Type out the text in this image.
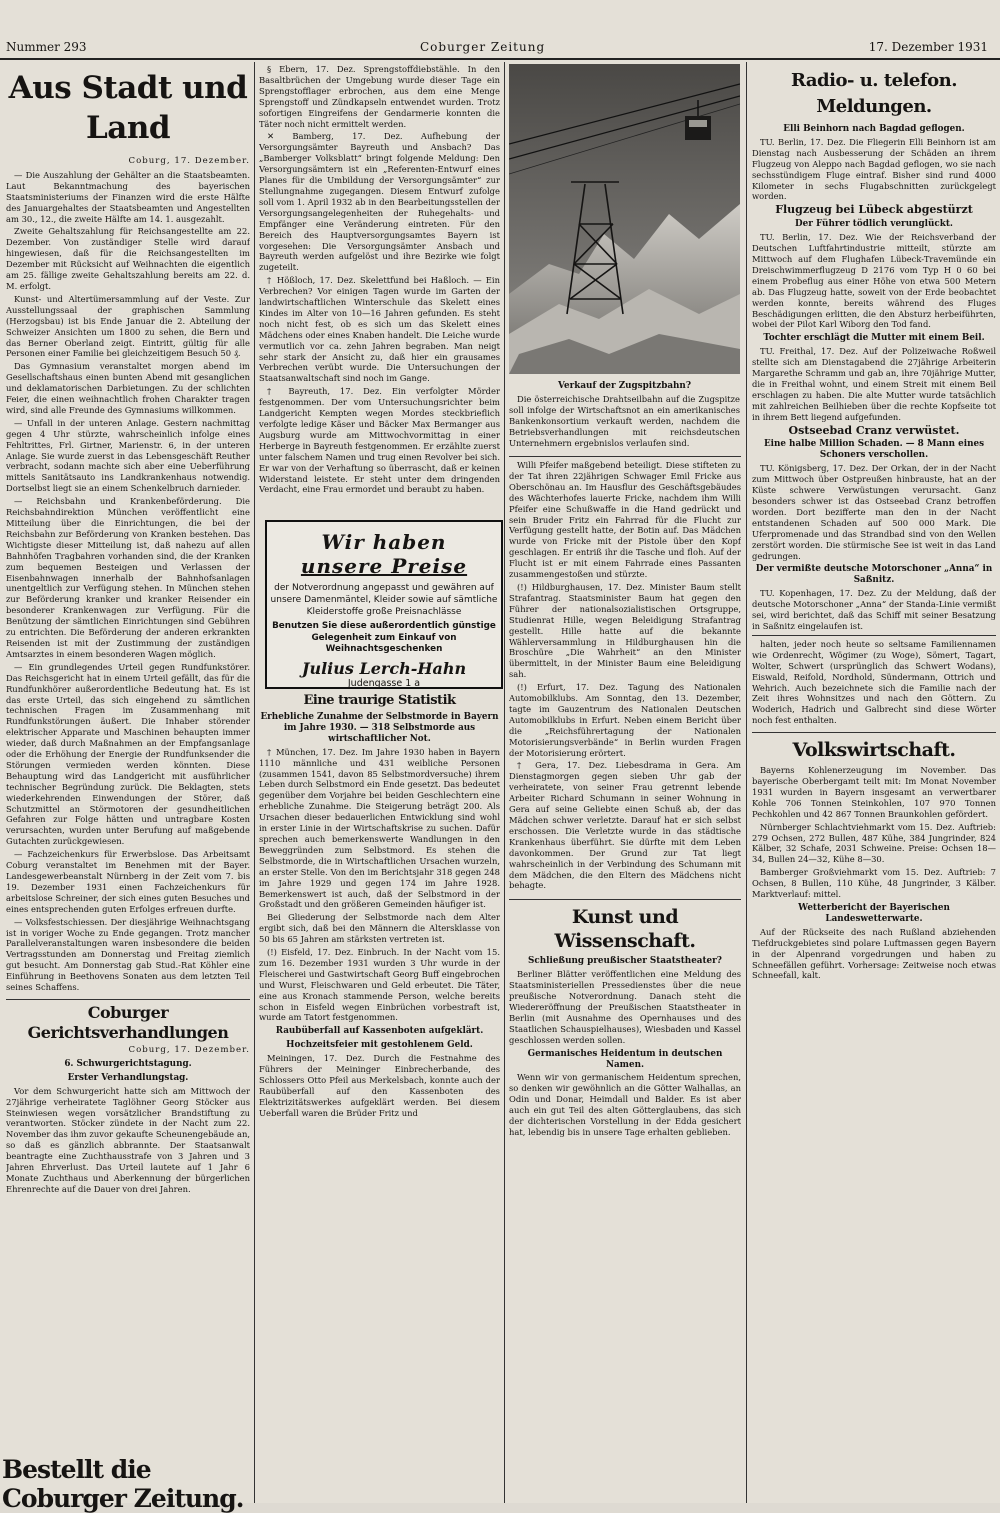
Nummer 293	Coburger Zeitung	17. Dezember 1931
Aus Stadt und Land
Coburg, 17. Dezember.

— Die Auszahlung der Gehälter an die Staatsbeamten. Laut Bekanntmachung des bayerischen Staatsministeriums der Finanzen wird die erste Hälfte des Januargehaltes der Staatsbeamten und Angestellten am 30., 12., die zweite Hälfte am 14. 1. ausgezahlt.

Zweite Gehaltszahlung für Reichsangestellte am 22. Dezember. Von zuständiger Stelle wird darauf hingewiesen, daß für die Reichsangestellten im Dezember mit Rücksicht auf Weihnachten die eigentlich am 25. fällige zweite Gehaltszahlung bereits am 22. d. M. erfolgt.

Kunst- und Altertümersammlung auf der Veste. Zur Ausstellungssaal der graphischen Sammlung (Herzogsbau) ist bis Ende Januar die 2. Abteilung der Schweizer Ansichten um 1800 zu sehen, die Bern und das Berner Oberland zeigt. Eintritt, gültig für alle Personen einer Familie bei gleichzeitigem Besuch 50 ₰.

Das Gymnasium veranstaltet morgen abend im Gesellschaftshaus einen bunten Abend mit gesanglichen und deklamatorischen Darbietungen. Zu der schlichten Feier, die einen weihnachtlich frohen Charakter tragen wird, sind alle Freunde des Gymnasiums willkommen.

— Unfall in der unteren Anlage. Gestern nachmittag gegen 4 Uhr stürzte, wahrscheinlich infolge eines Fehltrittes, Frl. Girtner, Marienstr. 6, in der unteren Anlage. Sie wurde zuerst in das Lebensgeschäft Reuther verbracht, sodann machte sich aber eine Ueberführung mittels Sanitätsauto ins Landkrankenhaus notwendig. Dortselbst liegt sie an einem Schenkelbruch darnieder.

— Reichsbahn und Krankenbeförderung. Die Reichsbahndirektion München veröffentlicht eine Mitteilung über die Einrichtungen, die bei der Reichsbahn zur Beförderung von Kranken bestehen. Das Wichtigste dieser Mitteilung ist, daß nahezu auf allen Bahnhöfen Tragbahren vorhanden sind, die der Kranken zum bequemen Besteigen und Verlassen der Eisenbahnwagen innerhalb der Bahnhofsanlagen unentgeltlich zur Verfügung stehen. In München stehen zur Beförderung kranker und kranker Reisender ein besonderer Krankenwagen zur Verfügung. Für die Benützung der sämtlichen Einrichtungen sind Gebühren zu entrichten. Die Beförderung der anderen erkrankten Reisenden ist mit der Zustimmung der zuständigen Amtsarztes in einem besonderen Wagen möglich.

— Ein grundlegendes Urteil gegen Rundfunkstörer. Das Reichsgericht hat in einem Urteil gefällt, das für die Rundfunkhörer außerordentliche Bedeutung hat. Es ist das erste Urteil, das sich eingehend zu sämtlichen technischen Fragen im Zusammenhang mit Rundfunkstörungen äußert. Die Inhaber störender elektrischer Apparate und Maschinen behaupten immer wieder, daß durch Maßnahmen an der Empfangsanlage oder die Erhöhung der Energie der Rundfunksender die Störungen vermieden werden könnten. Diese Behauptung wird das Landgericht mit ausführlicher technischer Begründung zurück. Die Beklagten, stets wiederkehrenden Einwendungen der Störer, daß Schutzmittel an Störmotoren der gesundheitlichen Gefahren zur Folge hätten und untragbare Kosten verursachten, wurden unter Berufung auf maßgebende Gutachten zurückgewiesen.

— Fachzeichenkurs für Erwerbslose. Das Arbeitsamt Coburg veranstaltet im Benehmen mit der Bayer. Landesgewerbeanstalt Nürnberg in der Zeit vom 7. bis 19. Dezember 1931 einen Fachzeichenkurs für arbeitslose Schreiner, der sich eines guten Besuches und eines entsprechenden guten Erfolges erfreuen durfte.

— Volksfestschiessen. Der diesjährige Weihnachtsgang ist in voriger Woche zu Ende gegangen. Trotz mancher Parallelveranstaltungen waren insbesondere die beiden Vertragsstunden am Donnerstag und Freitag ziemlich gut besucht. Am Donnerstag gab Stud.-Rat Köhler eine Einführung in Beethovens Sonaten aus dem letzten Teil seines Schaffens.

Coburger Gerichtsverhandlungen
Coburg, 17. Dezember.
6. Schwurgerichtstagung.
Erster Verhandlungstag.

Vor dem Schwurgericht hatte sich am Mittwoch der 27jährige verheiratete Taglöhner Georg Stöcker aus Steinwiesen wegen vorsätzlicher Brandstiftung zu verantworten. Stöcker zündete in der Nacht zum 22. November das ihm zuvor gekaufte Scheunengebäude an, so daß es gänzlich abbrannte. Der Staatsanwalt beantragte eine Zuchthausstrafe von 3 Jahren und 3 Jahren Ehrverlust. Das Urteil lautete auf 1 Jahr 6 Monate Zuchthaus und Aberkennung der bürgerlichen Ehrenrechte auf die Dauer von drei Jahren.

Bestellt die Coburger Zeitung.

§ Ebern, 17. Dez. Sprengstoffdiebstähle. In den Basaltbrüchen der Umgebung wurde dieser Tage ein Sprengstofflager erbrochen, aus dem eine Menge Sprengstoff und Zündkapseln entwendet wurden. Trotz sofortigen Eingreifens der Gendarmerie konnten die Täter noch nicht ermittelt werden.

✕ Bamberg, 17. Dez. Aufhebung der Versorgungsämter Bayreuth und Ansbach? Das „Bamberger Volksblatt“ bringt folgende Meldung: Den Versorgungsämtern ist ein „Referenten-Entwurf eines Planes für die Umbildung der Versorgungsämter“ zur Stellungnahme zugegangen. Diesem Entwurf zufolge soll vom 1. April 1932 ab in den Bearbeitungsstellen der Versorgungsangelegenheiten der Ruhegehalts- und Empfänger eine Veränderung eintreten. Für den Bereich des Hauptversorgungsamtes Bayern ist vorgesehen: Die Versorgungsämter Ansbach und Bayreuth werden aufgelöst und ihre Bezirke wie folgt zugeteilt.

† Hößloch, 17. Dez. Skelettfund bei Haßloch. — Ein Verbrechen? Vor einigen Tagen wurde im Garten der landwirtschaftlichen Winterschule das Skelett eines Kindes im Alter von 10—16 Jahren gefunden. Es steht noch nicht fest, ob es sich um das Skelett eines Mädchens oder eines Knaben handelt. Die Leiche wurde vermutlich vor ca. zehn Jahren begraben. Man neigt sehr stark der Ansicht zu, daß hier ein grausames Verbrechen verübt wurde. Die Untersuchungen der Staatsanwaltschaft sind noch im Gange.

† Bayreuth, 17. Dez. Ein verfolgter Mörder festgenommen. Der vom Untersuchungsrichter beim Landgericht Kempten wegen Mordes steckbrieflich verfolgte ledige Käser und Bäcker Max Bermanger aus Augsburg wurde am Mittwochvormittag in einer Herberge in Bayreuth festgenommen. Er erzählte zuerst unter falschem Namen und trug einen Revolver bei sich. Er war von der Verhaftung so überrascht, daß er keinen Widerstand leistete. Er steht unter dem dringenden Verdacht, eine Frau ermordet und beraubt zu haben.

Wir haben
unsere Preise
der Notverordnung angepasst und gewähren auf unsere Damenmäntel, Kleider sowie auf sämtliche Kleiderstoffe große Preisnachlässe
Benutzen Sie diese außerordentlich günstige Gelegenheit zum Einkauf von Weihnachtsgeschenken
Julius Lerch-Hahn
Judengasse 1 a
Eine traurige Statistik
Erhebliche Zunahme der Selbstmorde in Bayern im Jahre 1930. — 318 Selbstmorde aus wirtschaftlicher Not.

† München, 17. Dez. Im Jahre 1930 haben in Bayern 1110 männliche und 431 weibliche Personen (zusammen 1541, davon 85 Selbstmordversuche) ihrem Leben durch Selbstmord ein Ende gesetzt. Das bedeutet gegenüber dem Vorjahre bei beiden Geschlechtern eine erhebliche Zunahme. Die Steigerung beträgt 200. Als Ursachen dieser bedauerlichen Entwicklung sind wohl in erster Linie in der Wirtschaftskrise zu suchen. Dafür sprechen auch bemerkenswerte Wandlungen in den Beweggründen zum Selbstmord. Es stehen die Selbstmorde, die in Wirtschaftlichen Ursachen wurzeln, an erster Stelle. Von den im Berichtsjahr 318 gegen 248 im Jahre 1929 und gegen 174 im Jahre 1928. Bemerkenswert ist auch, daß der Selbstmord in der Großstadt und den größeren Gemeinden häufiger ist.

Bei Gliederung der Selbstmorde nach dem Alter ergibt sich, daß bei den Männern die Altersklasse von 50 bis 65 Jahren am stärksten vertreten ist.

(!) Eisfeld, 17. Dez. Einbruch. In der Nacht vom 15. zum 16. Dezember 1931 wurden 3 Uhr wurde in der Fleischerei und Gastwirtschaft Georg Buff eingebrochen und Wurst, Fleischwaren und Geld erbeutet. Die Täter, eine aus Kronach stammende Person, welche bereits schon in Eisfeld wegen Einbrüchen vorbestraft ist, wurde am Tatort festgenommen.

Raubüberfall auf Kassenboten aufgeklärt.
Hochzeitsfeier mit gestohlenem Geld.

Meiningen, 17. Dez. Durch die Festnahme des Führers der Meininger Einbrecherbande, des Schlossers Otto Pfeil aus Merkelsbach, konnte auch der Raubüberfall auf den Kassenboten des Elektrizitätswerkes aufgeklärt werden. Bei diesem Ueberfall waren die Brüder Fritz und

Verkauf der Zugspitzbahn?

Die österreichische Drahtseilbahn auf die Zugspitze soll infolge der Wirtschaftsnot an ein amerikanisches Bankenkonsortium verkauft werden, nachdem die Betriebsverhandlungen mit reichsdeutschen Unternehmern ergebnislos verlaufen sind.

Willi Pfeifer maßgebend beteiligt. Diese stifteten zu der Tat ihren 22jährigen Schwager Emil Fricke aus Oberschönau an. Im Hausflur des Geschäftsgebäudes des Wächterhofes lauerte Fricke, nachdem ihm Willi Pfeifer eine Schußwaffe in die Hand gedrückt und sein Bruder Fritz ein Fahrrad für die Flucht zur Verfügung gestellt hatte, der Botin auf. Das Mädchen wurde von Fricke mit der Pistole über den Kopf geschlagen. Er entriß ihr die Tasche und floh. Auf der Flucht ist er mit einem Fahrrade eines Passanten zusammengestoßen und stürzte.

(!) Hildburghausen, 17. Dez. Minister Baum stellt Strafantrag. Staatsminister Baum hat gegen den Führer der nationalsozialistischen Ortsgruppe, Studienrat Hille, wegen Beleidigung Strafantrag gestellt. Hille hatte auf die bekannte Wählerversammlung in Hildburghausen hin die Broschüre „Die Wahrheit“ an den Minister übermittelt, in der Minister Baum eine Beleidigung sah.

(!) Erfurt, 17. Dez. Tagung des Nationalen Automobilklubs. Am Sonntag, den 13. Dezember, tagte im Gauzentrum des Nationalen Deutschen Automobilklubs in Erfurt. Neben einem Bericht über die „Reichsführertagung der Nationalen Motorisierungsverbände“ in Berlin wurden Fragen der Motorisierung erörtert.

† Gera, 17. Dez. Liebesdrama in Gera. Am Dienstagmorgen gegen sieben Uhr gab der verheiratete, von seiner Frau getrennt lebende Arbeiter Richard Schumann in seiner Wohnung in Gera auf seine Geliebte einen Schuß ab, der das Mädchen schwer verletzte. Darauf hat er sich selbst erschossen. Die Verletzte wurde in das städtische Krankenhaus überführt. Sie dürfte mit dem Leben davonkommen. Der Grund zur Tat liegt wahrscheinlich in der Verbindung des Schumann mit dem Mädchen, die den Eltern des Mädchens nicht behagte.

Kunst und Wissenschaft.
Schließung preußischer Staatstheater?

Berliner Blätter veröffentlichen eine Meldung des Staatsministeriellen Pressedienstes über die neue preußische Notverordnung. Danach steht die Wiedereröffnung der Preußischen Staatstheater in Berlin (mit Ausnahme des Opernhauses und des Staatlichen Schauspielhauses), Wiesbaden und Kassel geschlossen werden sollen.

Germanisches Heidentum in deutschen Namen.

Wenn wir von germanischem Heidentum sprechen, so denken wir gewöhnlich an die Götter Walhallas, an Odin und Donar, Heimdall und Balder. Es ist aber auch ein gut Teil des alten Götterglaubens, das sich der dichterischen Vorstellung in der Edda gesichert hat, lebendig bis in unsere Tage erhalten geblieben.

Radio- u. telefon. Meldungen.
Elli Beinhorn nach Bagdad geflogen.

TU. Berlin, 17. Dez. Die Fliegerin Elli Beinhorn ist am Dienstag nach Ausbesserung der Schäden an ihrem Flugzeug von Aleppo nach Bagdad geflogen, wo sie nach sechsstündigem Fluge eintraf. Bisher sind rund 4000 Kilometer in sechs Flugabschnitten zurückgelegt worden.

Flugzeug bei Lübeck abgestürzt
Der Führer tödlich verunglückt.

TU. Berlin, 17. Dez. Wie der Reichsverband der Deutschen Luftfahrtindustrie mitteilt, stürzte am Mittwoch auf dem Flughafen Lübeck-Travemünde ein Dreischwimmerflugzeug D 2176 vom Typ H 0 60 bei einem Probeflug aus einer Höhe von etwa 500 Metern ab. Das Flugzeug hatte, soweit von der Erde beobachtet werden konnte, bereits während des Fluges Beschädigungen erlitten, die den Absturz herbeiführten, wobei der Pilot Karl Wiborg den Tod fand.

Tochter erschlägt die Mutter mit einem Beil.

TU. Freithal, 17. Dez. Auf der Polizeiwache Roßweil stellte sich am Dienstagabend die 27jährige Arbeiterin Margarethe Schramm und gab an, ihre 70jährige Mutter, die in Freithal wohnt, und einem Streit mit einem Beil erschlagen zu haben. Die alte Mutter wurde tatsächlich mit zahlreichen Beilhieben über die rechte Kopfseite tot in ihrem Bett liegend aufgefunden.

Ostseebad Cranz verwüstet.
Eine halbe Million Schaden. — 8 Mann eines Schoners verschollen.

TU. Königsberg, 17. Dez. Der Orkan, der in der Nacht zum Mittwoch über Ostpreußen hinbrauste, hat an der Küste schwere Verwüstungen verursacht. Ganz besonders schwer ist das Ostseebad Cranz betroffen worden. Dort bezifferte man den in der Nacht entstandenen Schaden auf 500 000 Mark. Die Uferpromenade und das Strandbad sind von den Wellen zerstört worden. Die stürmische See ist weit in das Land gedrungen.

Der vermißte deutsche Motorschoner „Anna“ in Saßnitz.

TU. Kopenhagen, 17. Dez. Zu der Meldung, daß der deutsche Motorschoner „Anna“ der Standa-Linie vermißt sei, wird berichtet, daß das Schiff mit seiner Besatzung in Saßnitz eingelaufen ist.

halten, jeder noch heute so seltsame Familiennamen wie Ordenrecht, Wögimer (zu Woge), Sömert, Tagart, Wolter, Schwert (ursprünglich das Schwert Wodans), Eiswald, Reifold, Nordhold, Sündermann, Ottrich und Wehrich. Auch bezeichnete sich die Familie nach der Zeit ihres Wohnsitzes und nach den Göttern. Zu Woderich, Hadrich und Galbrecht sind diese Wörter noch fest enthalten.

Volkswirtschaft.

Bayerns Kohlenerzeugung im November. Das bayerische Oberbergamt teilt mit: Im Monat November 1931 wurden in Bayern insgesamt an verwertbarer Kohle 706 Tonnen Steinkohlen, 107 970 Tonnen Pechkohlen und 42 867 Tonnen Braunkohlen gefördert.

Nürnberger Schlachtviehmarkt vom 15. Dez. Auftrieb: 279 Ochsen, 272 Bullen, 487 Kühe, 384 Jungrinder, 824 Kälber, 32 Schafe, 2031 Schweine. Preise: Ochsen 18—34, Bullen 24—32, Kühe 8—30.

Bamberger Großviehmarkt vom 15. Dez. Auftrieb: 7 Ochsen, 8 Bullen, 110 Kühe, 48 Jungrinder, 3 Kälber. Marktverlauf: mittel.

Wetterbericht der Bayerischen Landeswetterwarte.

Auf der Rückseite des nach Rußland abziehenden Tiefdruckgebietes sind polare Luftmassen gegen Bayern in der Alpenrand vorgedrungen und haben zu Schneefällen geführt. Vorhersage: Zeitweise noch etwas Schneefall, kalt.
